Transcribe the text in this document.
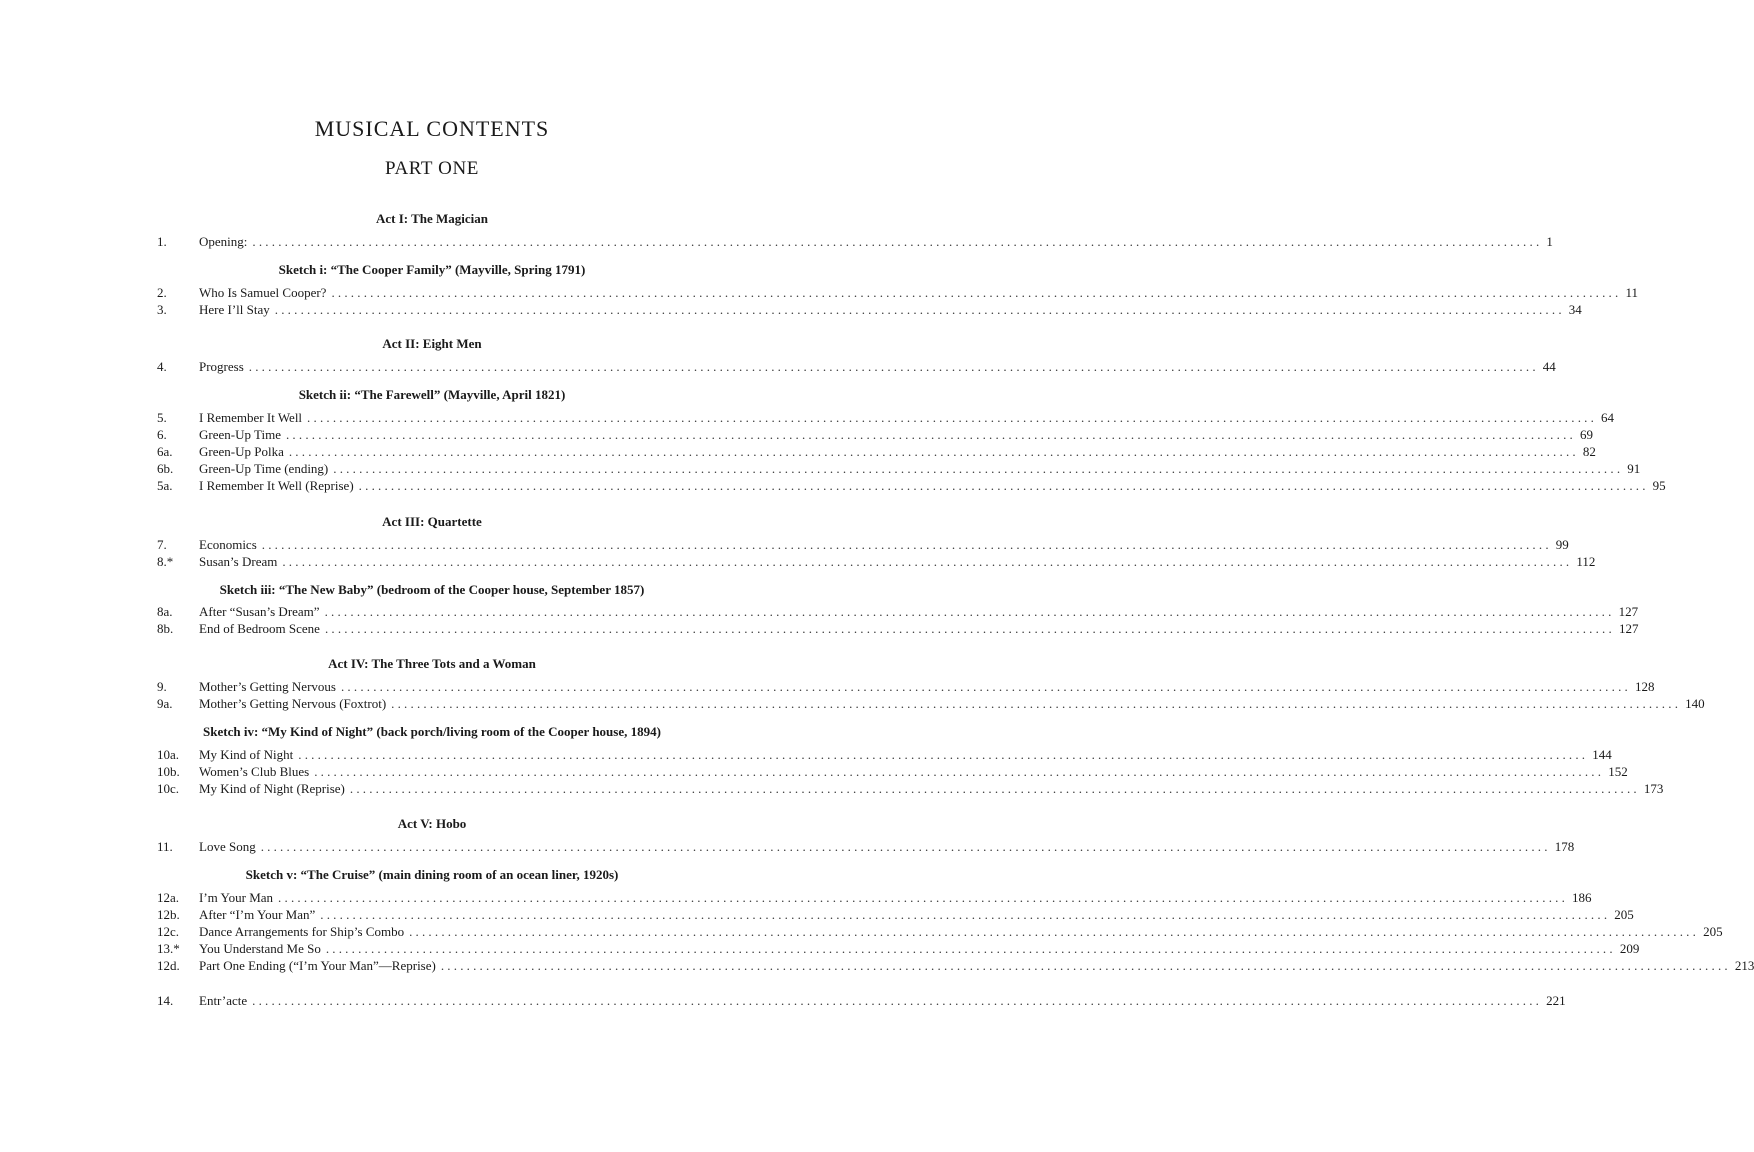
MUSICAL CONTENTS
PART ONE
Act I: The Magician
1.	Opening: ........................................................................................................................................................................................................ 1
Sketch i: “The Cooper Family” (Mayville, Spring 1791)
2.	Who Is Samuel Cooper? ........................................................................................................................................................................................................ 11
3.	Here I’ll Stay ........................................................................................................................................................................................................ 34
Act II: Eight Men
4.	Progress ........................................................................................................................................................................................................ 44
Sketch ii: “The Farewell” (Mayville, April 1821)
5.	I Remember It Well ........................................................................................................................................................................................................ 64
6.	Green-Up Time ........................................................................................................................................................................................................ 69
6a.	Green-Up Polka ........................................................................................................................................................................................................ 82
6b.	Green-Up Time (ending) ........................................................................................................................................................................................................ 91
5a.	I Remember It Well (Reprise) ........................................................................................................................................................................................................ 95
Act III: Quartette
7.	Economics ........................................................................................................................................................................................................ 99
8.*	Susan’s Dream ........................................................................................................................................................................................................ 112
Sketch iii: “The New Baby” (bedroom of the Cooper house, September 1857)
8a.	After “Susan’s Dream” ........................................................................................................................................................................................................ 127
8b.	End of Bedroom Scene ........................................................................................................................................................................................................ 127
Act IV: The Three Tots and a Woman
9.	Mother’s Getting Nervous ........................................................................................................................................................................................................ 128
9a.	Mother’s Getting Nervous (Foxtrot) ........................................................................................................................................................................................................ 140
Sketch iv: “My Kind of Night” (back porch/living room of the Cooper house, 1894)
10a.	My Kind of Night ........................................................................................................................................................................................................ 144
10b.	Women’s Club Blues ........................................................................................................................................................................................................ 152
10c.	My Kind of Night (Reprise) ........................................................................................................................................................................................................ 173
Act V: Hobo
11.	Love Song ........................................................................................................................................................................................................ 178
Sketch v: “The Cruise” (main dining room of an ocean liner, 1920s)
12a.	I’m Your Man ........................................................................................................................................................................................................ 186
12b.	After “I’m Your Man” ........................................................................................................................................................................................................ 205
12c.	Dance Arrangements for Ship’s Combo ........................................................................................................................................................................................................ 205
13.*	You Understand Me So ........................................................................................................................................................................................................ 209
12d.	Part One Ending (“I’m Your Man”—Reprise) ........................................................................................................................................................................................................ 213
14.	Entr’acte ........................................................................................................................................................................................................ 221
